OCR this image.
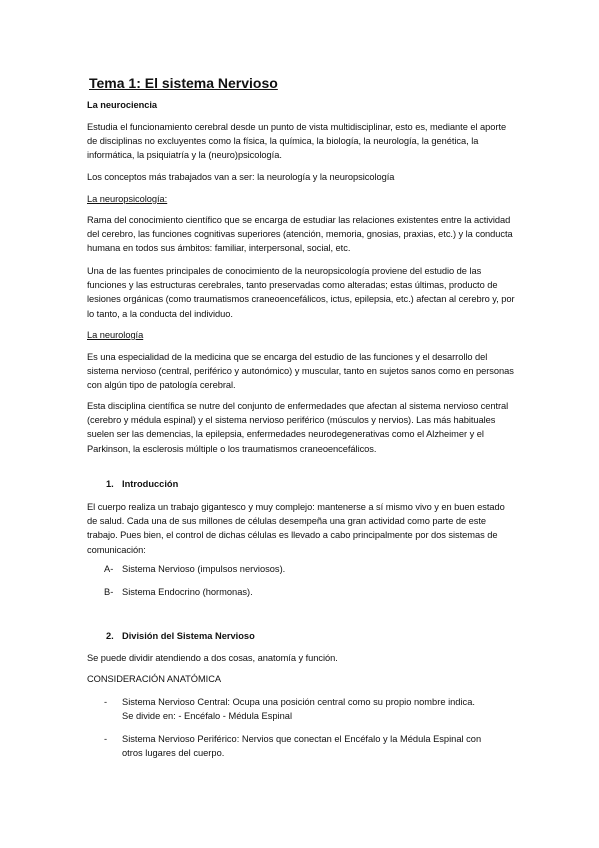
Tema 1: El sistema Nervioso

La neurociencia

Estudia el funcionamiento cerebral desde un punto de vista multidisciplinar, esto es, mediante el aporte de disciplinas no excluyentes como la física, la química, la biología, la neurología, la genética, la informática, la psiquiatría y la (neuro)psicología.

Los conceptos más trabajados van a ser: la neurología y la neuropsicología

La neuropsicología:

Rama del conocimiento científico que se encarga de estudiar las relaciones existentes entre la actividad del cerebro, las funciones cognitivas superiores (atención, memoria, gnosias, praxias, etc.) y la conducta humana en todos sus ámbitos: familiar, interpersonal, social, etc.

Una de las fuentes principales de conocimiento de la neuropsicología proviene del estudio de las funciones y las estructuras cerebrales, tanto preservadas como alteradas; estas últimas, producto de lesiones orgánicas (como traumatismos craneoencefálicos, ictus, epilepsia, etc.) afectan al cerebro y, por lo tanto, a la conducta del individuo.

La neurología

Es una especialidad de la medicina que se encarga del estudio de las funciones y el desarrollo del sistema nervioso (central, periférico y autonómico) y muscular, tanto en sujetos sanos como en personas con algún tipo de patología cerebral.

Esta disciplina científica se nutre del conjunto de enfermedades que afectan al sistema nervioso central (cerebro y médula espinal) y el sistema nervioso periférico (músculos y nervios). Las más habituales suelen ser las demencias, la epilepsia, enfermedades neurodegenerativas como el Alzheimer y el Parkinson, la esclerosis múltiple o los traumatismos craneoencefálicos.

1. Introducción

El cuerpo realiza un trabajo gigantesco y muy complejo: mantenerse a sí mismo vivo y en buen estado de salud. Cada una de sus millones de células desempeña una gran actividad como parte de este trabajo. Pues bien, el control de dichas células es llevado a cabo principalmente por dos sistemas de comunicación:

A- Sistema Nervioso (impulsos nerviosos).
B- Sistema Endocrino (hormonas).
2. División del Sistema Nervioso

Se puede dividir atendiendo a dos cosas, anatomía y función.

CONSIDERACIÓN ANATÓMICA

- Sistema Nervioso Central: Ocupa una posición central como su propio nombre indica.
Se divide en: - Encéfalo - Médula Espinal
- Sistema Nervioso Periférico: Nervios que conectan el Encéfalo y la Médula Espinal con
otros lugares del cuerpo.
